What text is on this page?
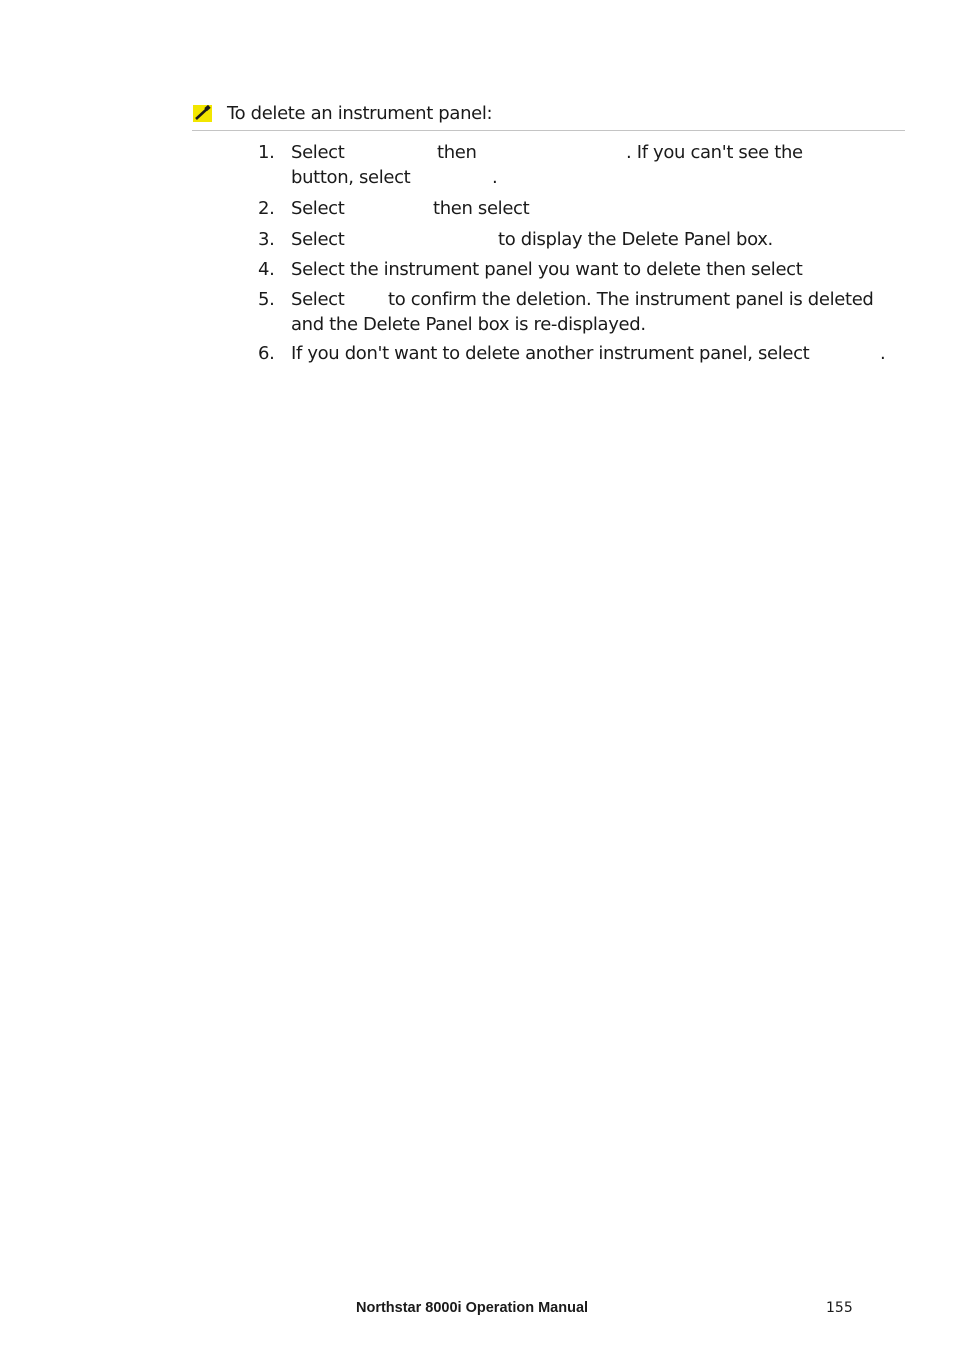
To delete an instrument panel:
1. Select	then	. If you can't see the
button, select	.
2. Select	then select
3. Select	to display the Delete Panel box.
4. Select the instrument panel you want to delete then select
5. Select to confirm the deletion. The instrument panel is deleted
and the Delete Panel box is re-displayed.
6. If you don't want to delete another instrument panel, select	.
Northstar 8000i Operation Manual	155
